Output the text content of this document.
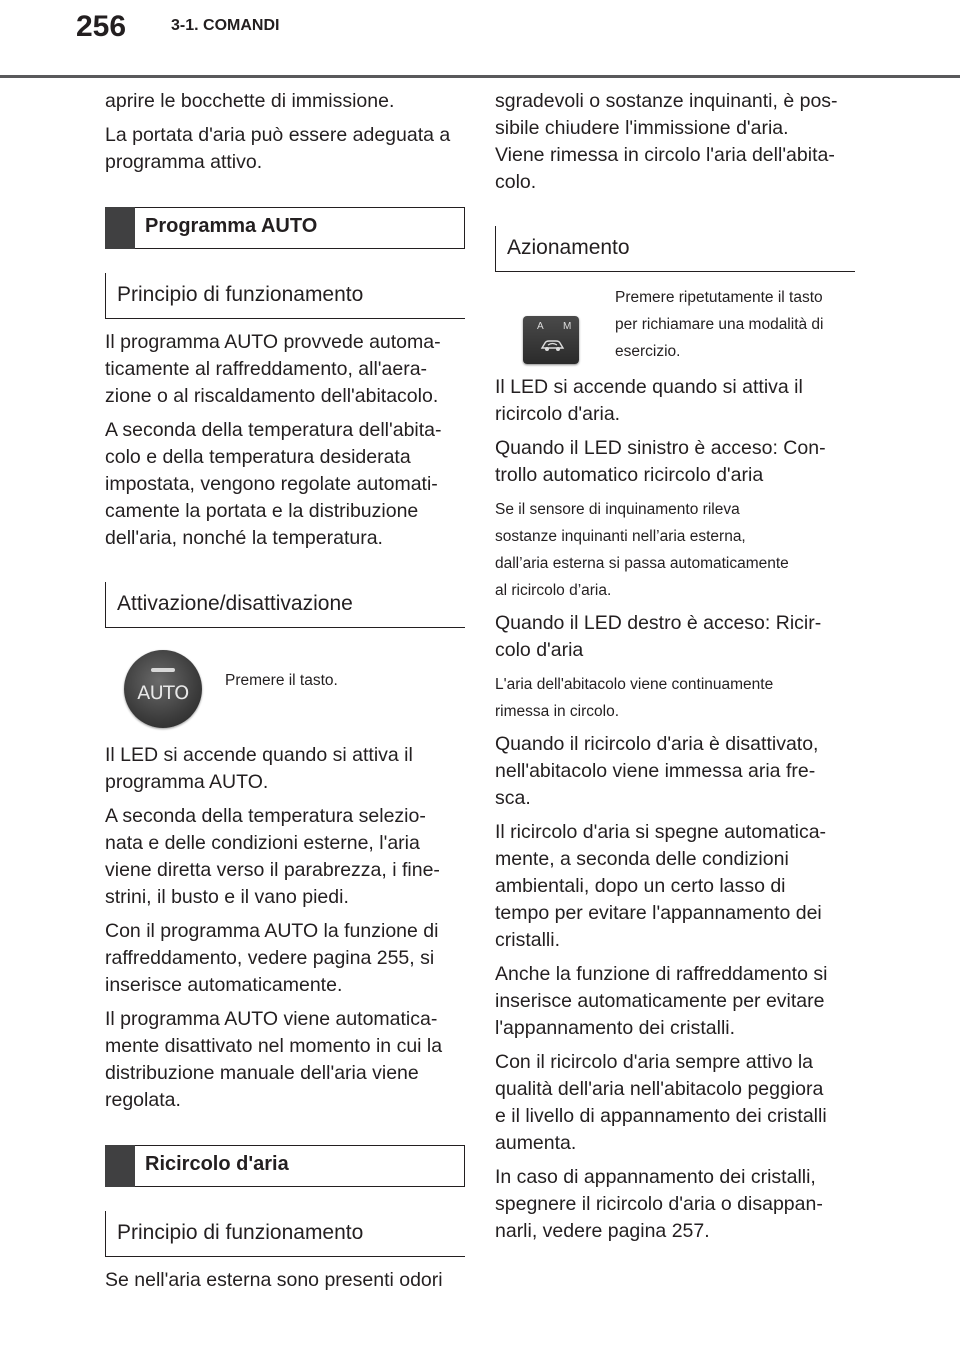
256	3-1. COMANDI

aprire le bocchette di immissione.

La portata d'aria può essere adeguata a
programma attivo.

Programma AUTO
Principio di funzionamento

Il programma AUTO provvede automa-
ticamente al raffreddamento, all'aera-
zione o al riscaldamento dell'abitacolo.

A seconda della temperatura dell'abita-
colo e della temperatura desiderata
impostata, vengono regolate automati-
camente la portata e la distribuzione
dell'aria, nonché la temperatura.

Attivazione/disattivazione
AUTO
Premere il tasto.

Il LED si accende quando si attiva il
programma AUTO.

A seconda della temperatura selezio-
nata e delle condizioni esterne, l'aria
viene diretta verso il parabrezza, i fine-
strini, il busto e il vano piedi.

Con il programma AUTO la funzione di
raffreddamento, vedere pagina 255, si
inserisce automaticamente.

Il programma AUTO viene automatica-
mente disattivato nel momento in cui la
distribuzione manuale dell'aria viene
regolata.

Ricircolo d'aria
Principio di funzionamento

Se nell'aria esterna sono presenti odori

sgradevoli o sostanze inquinanti, è pos-
sibile chiudere l'immissione d'aria.
Viene rimessa in circolo l'aria dell'abita-
colo.

Azionamento
A M
Premere ripetutamente il tasto
per richiamare una modalità di
esercizio.

Il LED si accende quando si attiva il
ricircolo d'aria.

Quando il LED sinistro è acceso: Con-
trollo automatico ricircolo d'aria

Se il sensore di inquinamento rileva
sostanze inquinanti nell’aria esterna,
dall’aria esterna si passa automaticamente
al ricircolo d’aria.

Quando il LED destro è acceso: Ricir-
colo d'aria

L'aria dell'abitacolo viene continuamente
rimessa in circolo.

Quando il ricircolo d'aria è disattivato,
nell'abitacolo viene immessa aria fre-
sca.

Il ricircolo d'aria si spegne automatica-
mente, a seconda delle condizioni
ambientali, dopo un certo lasso di
tempo per evitare l'appannamento dei
cristalli.

Anche la funzione di raffreddamento si
inserisce automaticamente per evitare
l'appannamento dei cristalli.

Con il ricircolo d'aria sempre attivo la
qualità dell'aria nell'abitacolo peggiora
e il livello di appannamento dei cristalli
aumenta.

In caso di appannamento dei cristalli,
spegnere il ricircolo d'aria o disappan-
narli, vedere pagina 257.
